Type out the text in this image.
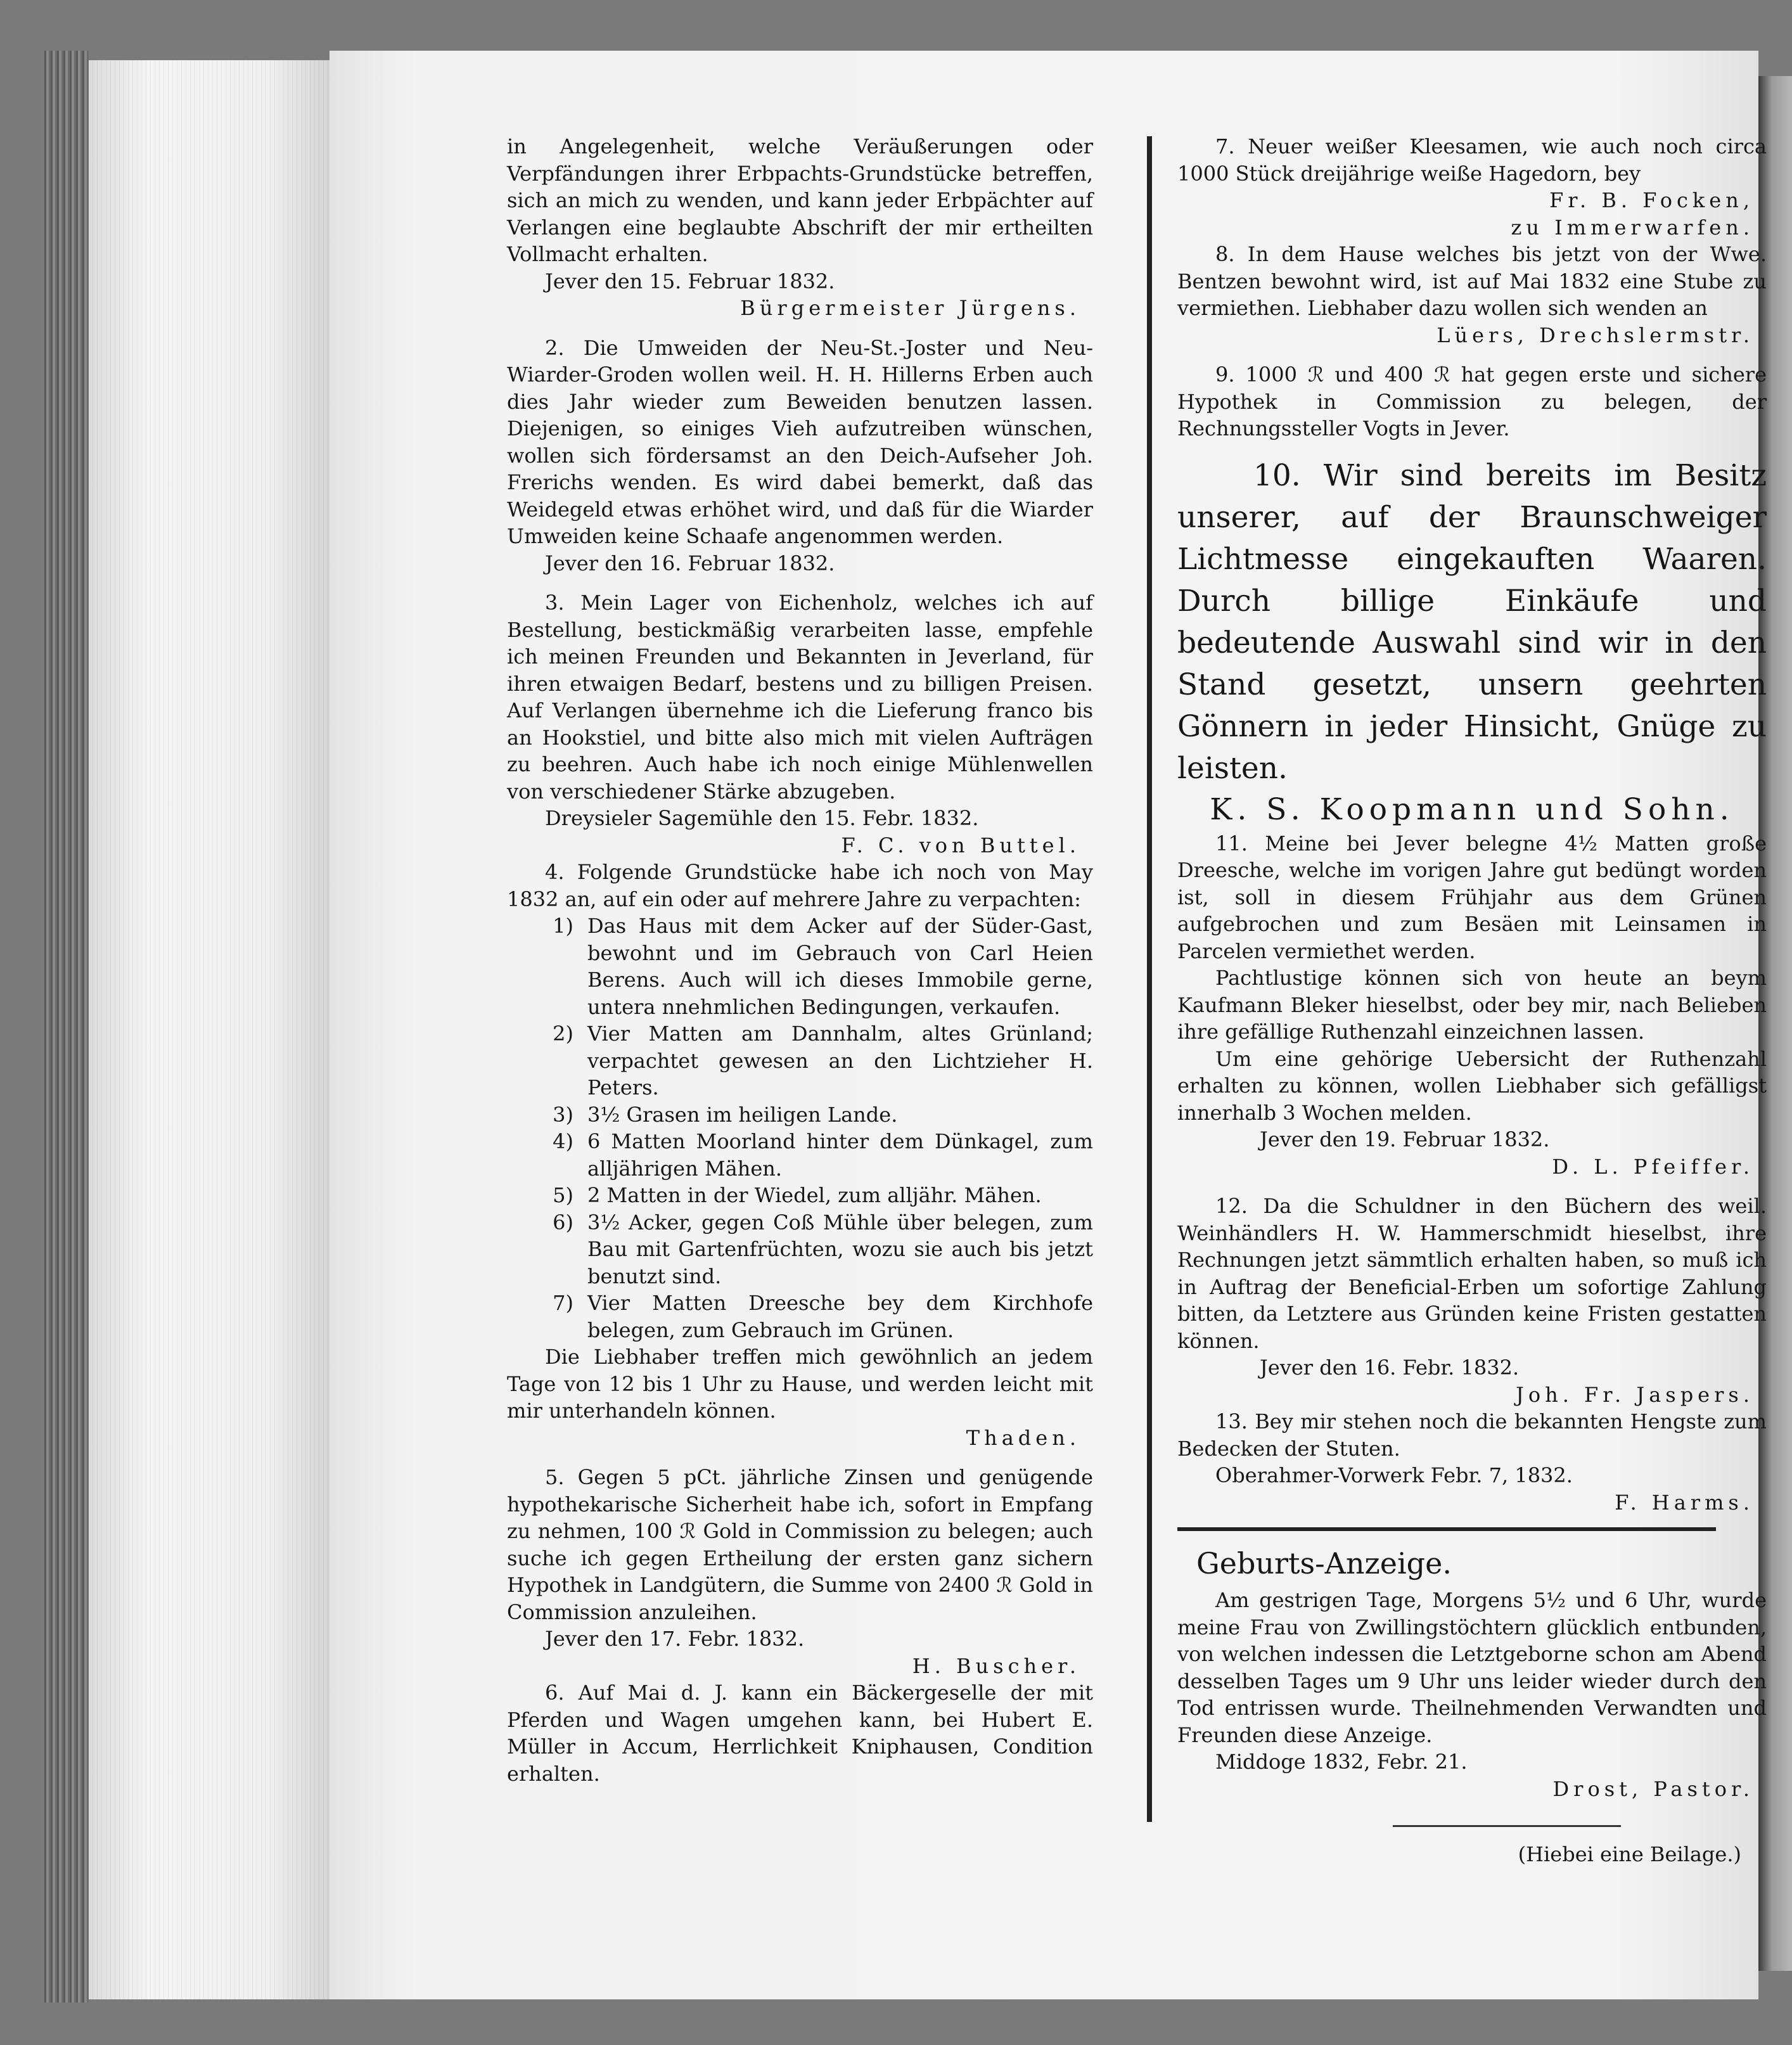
in Angelegenheit, welche Veräußerungen oder Verpfändungen ihrer Erbpachts-Grundstücke betreffen, sich an mich zu wenden, und kann jeder Erbpächter auf Verlangen eine beglaubte Abschrift der mir ertheilten Vollmacht erhalten.

Jever den 15. Februar 1832.

Bürgermeister Jürgens.

2. Die Umweiden der Neu-St.-Joster und Neu-Wiarder-Groden wollen weil. H. H. Hillerns Erben auch dies Jahr wieder zum Beweiden benutzen lassen. Diejenigen, so einiges Vieh aufzutreiben wünschen, wollen sich fördersamst an den Deich-Aufseher Joh. Frerichs wenden. Es wird dabei bemerkt, daß das Weidegeld etwas erhöhet wird, und daß für die Wiarder Umweiden keine Schaafe angenommen werden.

Jever den 16. Februar 1832.

3. Mein Lager von Eichenholz, welches ich auf Bestellung, bestickmäßig verarbeiten lasse, empfehle ich meinen Freunden und Bekannten in Jeverland, für ihren etwaigen Bedarf, bestens und zu billigen Preisen. Auf Verlangen übernehme ich die Lieferung franco bis an Hookstiel, und bitte also mich mit vielen Aufträgen zu beehren. Auch habe ich noch einige Mühlenwellen von verschiedener Stärke abzugeben.

Dreysieler Sagemühle den 15. Febr. 1832.

F. C. von Buttel.

4. Folgende Grundstücke habe ich noch von May 1832 an, auf ein oder auf mehrere Jahre zu verpachten:

1) Das Haus mit dem Acker auf der Süder-Gast, bewohnt und im Gebrauch von Carl Heien Berens. Auch will ich dieses Immobile gerne, untera nnehmlichen Bedingungen, verkaufen.
2) Vier Matten am Dannhalm, altes Grünland; verpachtet gewesen an den Lichtzieher H. Peters.
3) 3½ Grasen im heiligen Lande.
4) 6 Matten Moorland hinter dem Dünkagel, zum alljährigen Mähen.
5) 2 Matten in der Wiedel, zum alljähr. Mähen.
6) 3½ Acker, gegen Coß Mühle über belegen, zum Bau mit Gartenfrüchten, wozu sie auch bis jetzt benutzt sind.
7) Vier Matten Dreesche bey dem Kirchhofe belegen, zum Gebrauch im Grünen.

Die Liebhaber treffen mich gewöhnlich an jedem Tage von 12 bis 1 Uhr zu Hause, und werden leicht mit mir unterhandeln können.

Thaden.

5. Gegen 5 pCt. jährliche Zinsen und genügende hypothekarische Sicherheit habe ich, sofort in Empfang zu nehmen, 100 ℛ Gold in Commission zu belegen; auch suche ich gegen Ertheilung der ersten ganz sichern Hypothek in Landgütern, die Summe von 2400 ℛ Gold in Commission anzuleihen.

Jever den 17. Febr. 1832.

H. Buscher.

6. Auf Mai d. J. kann ein Bäckergeselle der mit Pferden und Wagen umgehen kann, bei Hubert E. Müller in Accum, Herrlichkeit Kniphausen, Condition erhalten.

7. Neuer weißer Kleesamen, wie auch noch circa 1000 Stück dreijährige weiße Hagedorn, bey

Fr. B. Focken,

zu Immerwarfen.

8. In dem Hause welches bis jetzt von der Wwe. Bentzen bewohnt wird, ist auf Mai 1832 eine Stube zu vermiethen. Liebhaber dazu wollen sich wenden an

Lüers, Drechslermstr.

9. 1000 ℛ und 400 ℛ hat gegen erste und sichere Hypothek in Commission zu belegen, der Rechnungssteller Vogts in Jever.

10. Wir sind bereits im Besitz unserer, auf der Braunschweiger Lichtmesse eingekauften Waaren. Durch billige Einkäufe und bedeutende Auswahl sind wir in den Stand gesetzt, unsern geehrten Gönnern in jeder Hinsicht, Gnüge zu leisten.

K. S. Koopmann und Sohn.

11. Meine bei Jever belegne 4½ Matten große Dreesche, welche im vorigen Jahre gut bedüngt worden ist, soll in diesem Frühjahr aus dem Grünen aufgebrochen und zum Besäen mit Leinsamen in Parcelen vermiethet werden.

Pachtlustige können sich von heute an beym Kaufmann Bleker hieselbst, oder bey mir, nach Belieben ihre gefällige Ruthenzahl einzeichnen lassen.

Um eine gehörige Uebersicht der Ruthenzahl erhalten zu können, wollen Liebhaber sich gefälligst innerhalb 3 Wochen melden.

Jever den 19. Februar 1832.

D. L. Pfeiffer.

12. Da die Schuldner in den Büchern des weil. Weinhändlers H. W. Hammerschmidt hieselbst, ihre Rechnungen jetzt sämmtlich erhalten haben, so muß ich in Auftrag der Beneficial-Erben um sofortige Zahlung bitten, da Letztere aus Gründen keine Fristen gestatten können.

Jever den 16. Febr. 1832.

Joh. Fr. Jaspers.

13. Bey mir stehen noch die bekannten Hengste zum Bedecken der Stuten.

Oberahmer-Vorwerk Febr. 7, 1832.

F. Harms.

Geburts-Anzeige.

Am gestrigen Tage, Morgens 5½ und 6 Uhr, wurde meine Frau von Zwillingstöchtern glücklich entbunden, von welchen indessen die Letztgeborne schon am Abend desselben Tages um 9 Uhr uns leider wieder durch den Tod entrissen wurde. Theilnehmenden Verwandten und Freunden diese Anzeige.

Middoge 1832, Febr. 21.

Drost, Pastor.

(Hiebei eine Beilage.)
